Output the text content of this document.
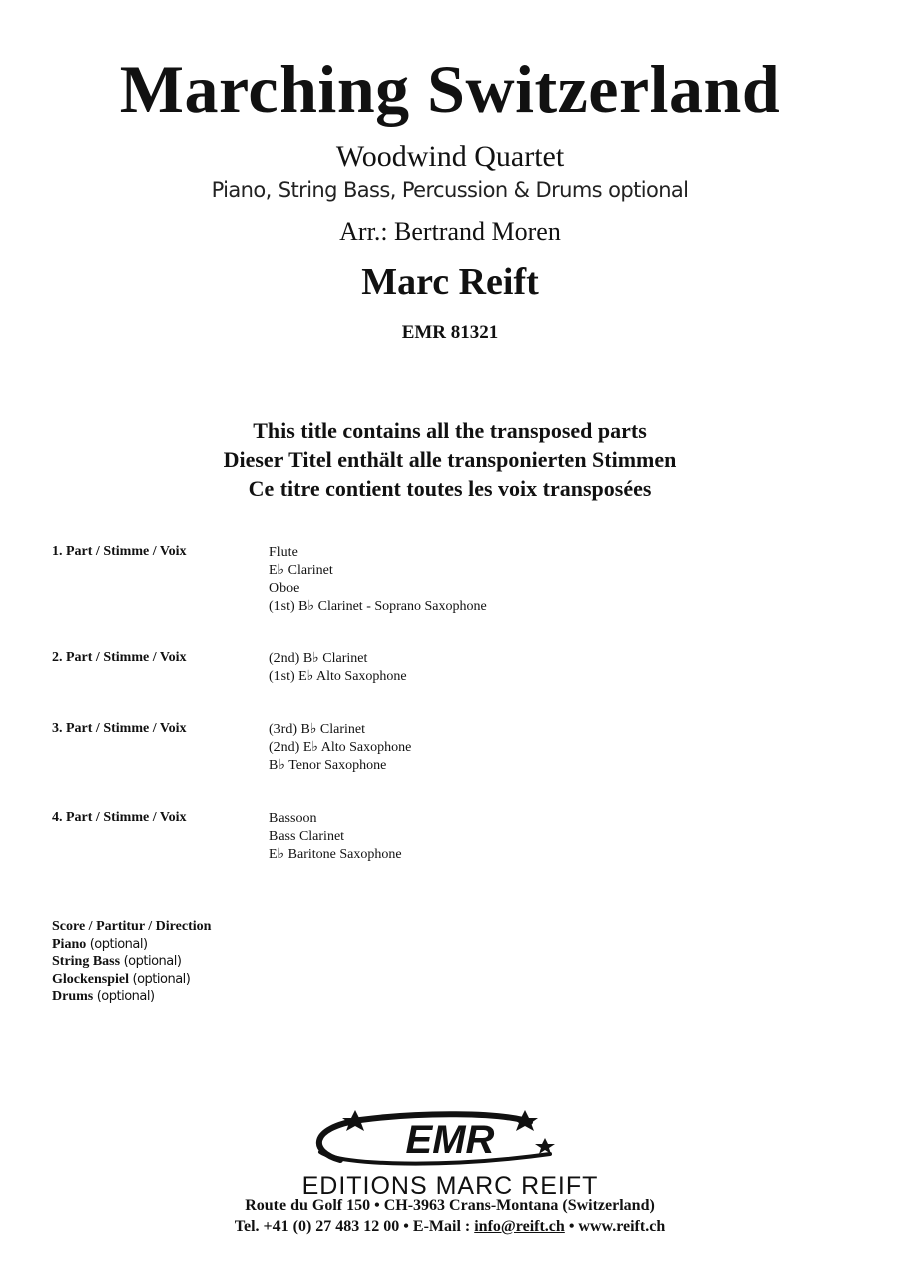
Marching Switzerland
Woodwind Quartet
Piano, String Bass, Percussion & Drums optional
Arr.: Bertrand Moren
Marc Reift
EMR 81321
This title contains all the transposed parts
Dieser Titel enthält alle transponierten Stimmen
Ce titre contient toutes les voix transposées
1. Part / Stimme / Voix	Flute
E♭ Clarinet
Oboe
(1st) B♭ Clarinet - Soprano Saxophone
2. Part / Stimme / Voix	(2nd) B♭ Clarinet
(1st) E♭ Alto Saxophone
3. Part / Stimme / Voix	(3rd) B♭ Clarinet
(2nd) E♭ Alto Saxophone
B♭ Tenor Saxophone
4. Part / Stimme / Voix	Bassoon
Bass Clarinet
E♭ Baritone Saxophone
Score / Partitur / Direction
Piano (optional)
String Bass (optional)
Glockenspiel (optional)
Drums (optional)
EMR
EDITIONS MARC REIFT
Route du Golf 150 • CH-3963 Crans-Montana (Switzerland)
Tel. +41 (0) 27 483 12 00 • E-Mail : info@reift.ch • www.reift.ch
